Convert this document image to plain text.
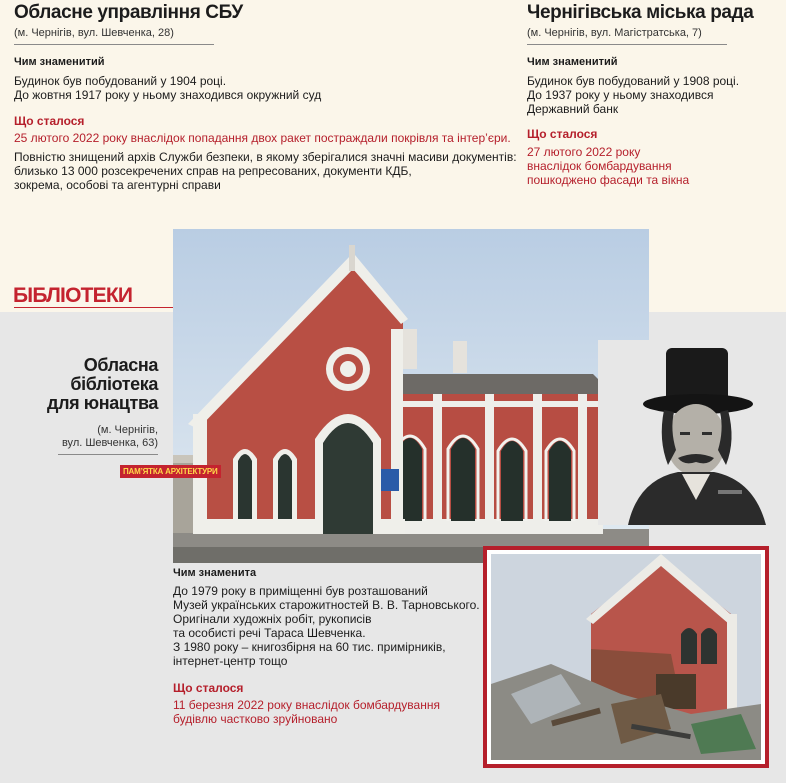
Обласне управління СБУ
(м. Чернігів, вул. Шевченка, 28)
Чим знаменитий
Будинок був побудований у 1904 році.
До жовтня 1917 року у ньому знаходився окружний суд
Що сталося
25 лютого 2022 року внаслідок попадання двох ракет постраждали покрівля та інтер’єри.
Повністю знищений архів Служби безпеки, в якому зберігалися значні масиви документів:
близько 13 000 розсекречених справ на репресованих, документи КДБ,
зокрема, особові та агентурні справи
Чернігівська міська рада
(м. Чернігів, вул. Магістратська, 7)
Чим знаменитий
Будинок був побудований у 1908 році.
До 1937 року у ньому знаходився
Державний банк
Що сталося
27 лютого 2022 року
внаслідок бомбардування
пошкоджено фасади та вікна
БІБЛІОТЕКИ
Обласна
бібліотека
для юнацтва
(м. Чернігів,
вул. Шевченка, 63)
ПАМ’ЯТКА АРХІТЕКТУРИ
Чим знаменита
До 1979 року в приміщенні був розташований
Музей українських старожитностей В. В. Тарновського.
Оригінали художніх робіт, рукописів
та особисті речі Тараса Шевченка.
З 1980 року – книгозбірня на 60 тис. примірників,
інтернет-центр тощо
Що сталося
11 березня 2022 року внаслідок бомбардування
будівлю частково зруйновано
